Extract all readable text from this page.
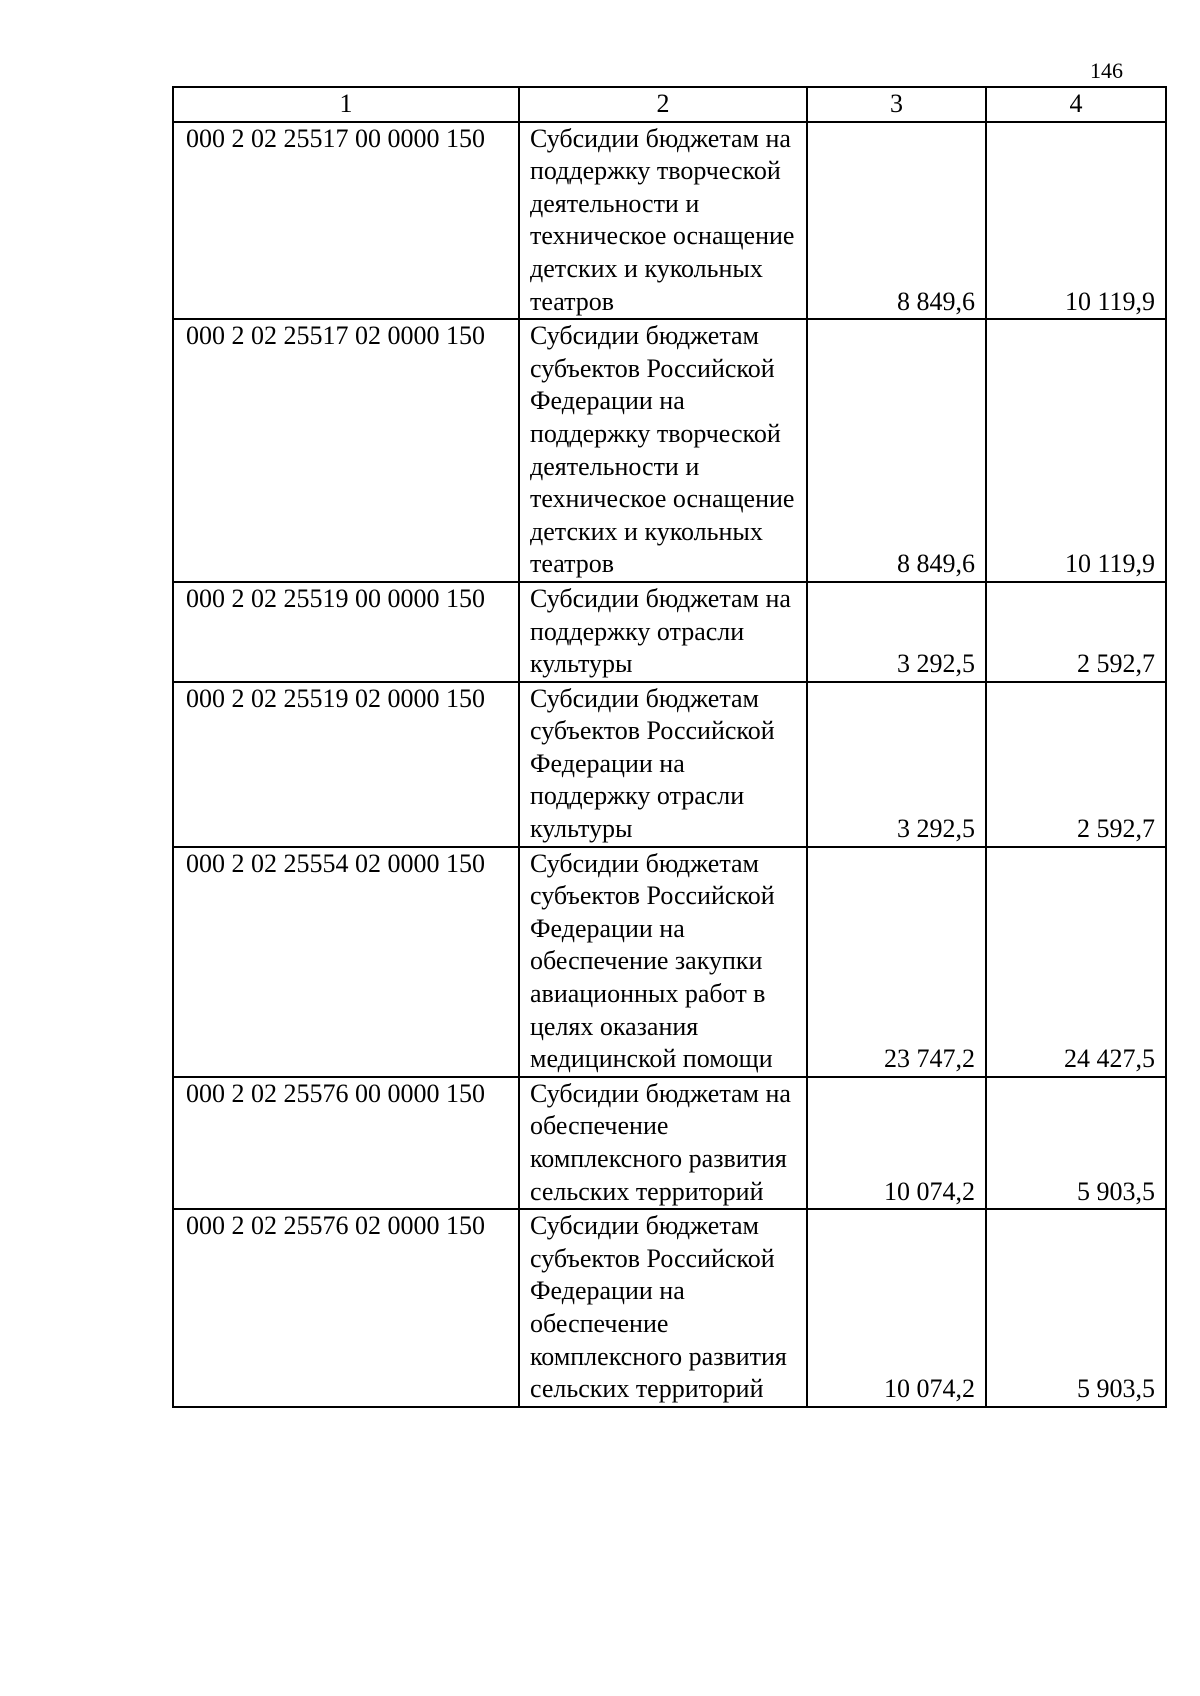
146
1	2	3	4
000 2 02 25517 00 0000 150	Субсидии бюджетам на поддержку творческой деятельности и техническое оснащение детских и кукольных театров	8 849,6	10 119,9
000 2 02 25517 02 0000 150	Субсидии бюджетам субъектов Российской Федерации на поддержку творческой деятельности и техническое оснащение детских и кукольных театров	8 849,6	10 119,9
000 2 02 25519 00 0000 150	Субсидии бюджетам на поддержку отрасли культуры	3 292,5	2 592,7
000 2 02 25519 02 0000 150	Субсидии бюджетам субъектов Российской Федерации на поддержку отрасли культуры	3 292,5	2 592,7
000 2 02 25554 02 0000 150	Субсидии бюджетам субъектов Российской Федерации на обеспечение закупки авиационных работ в целях оказания медицинской помощи	23 747,2	24 427,5
000 2 02 25576 00 0000 150	Субсидии бюджетам на обеспечение комплексного развития сельских территорий	10 074,2	5 903,5
000 2 02 25576 02 0000 150	Субсидии бюджетам субъектов Российской Федерации на обеспечение комплексного развития сельских территорий	10 074,2	5 903,5
